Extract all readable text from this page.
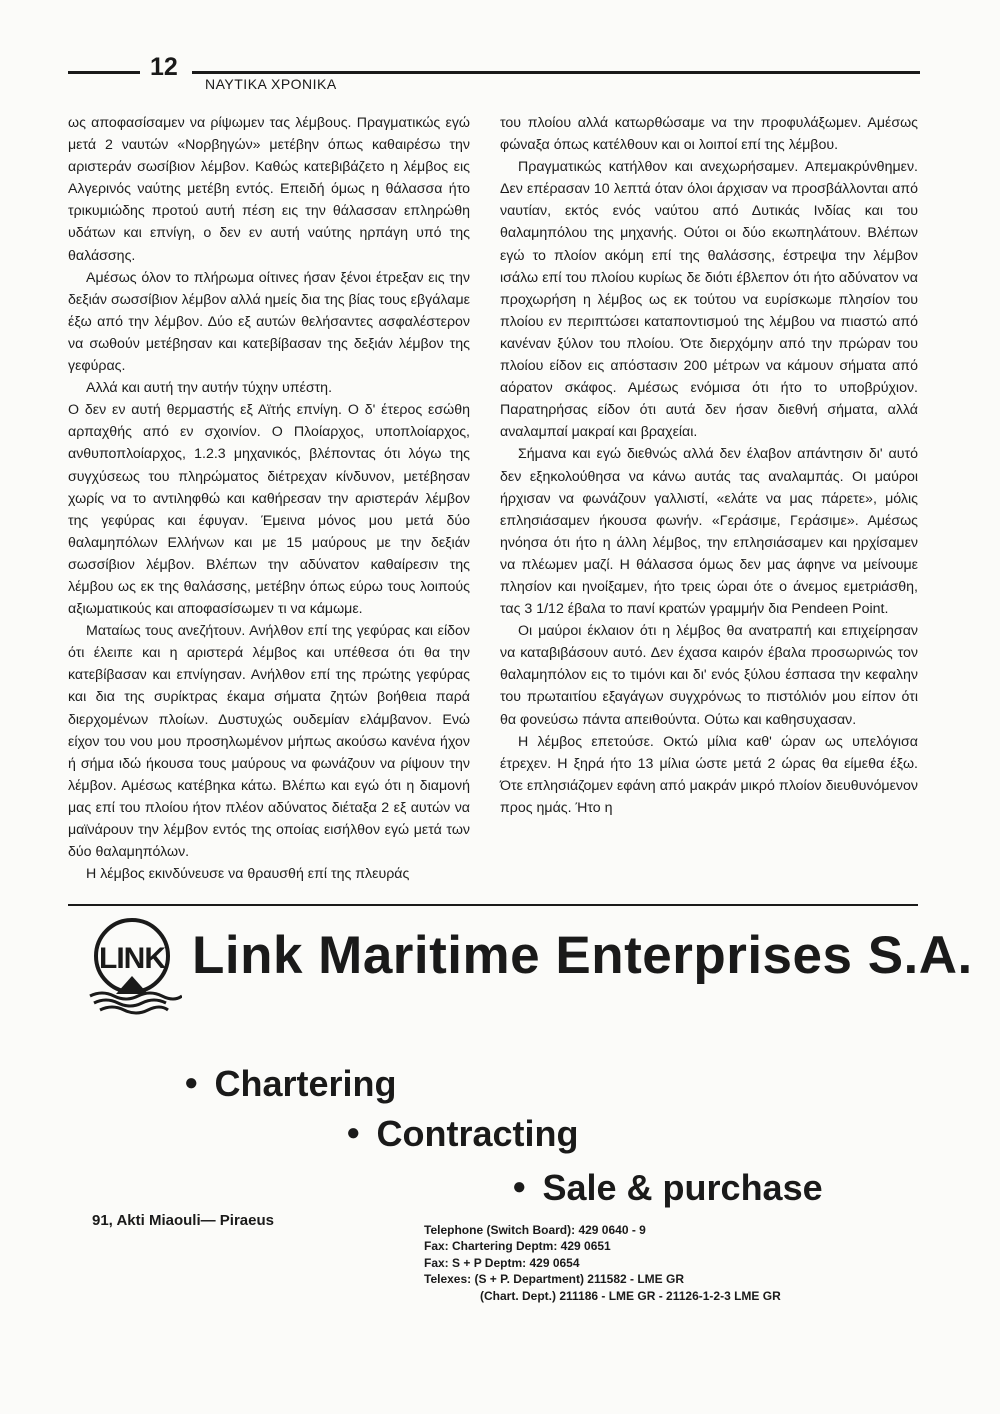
12
ΝΑΥΤΙΚΑ ΧΡΟΝΙΚΑ

ως αποφασίσαμεν να ρίψωμεν τας λέμβους. Πραγματικώς εγώ μετά 2 ναυτών «Νορβηγών» μετέβην όπως καθαιρέσω την αριστεράν σωσίβιον λέμβον. Καθώς κατεβιβάζετο η λέμβος εις Αλγερινός ναύτης μετέβη εντός. Επειδή όμως η θάλασσα ήτο τρικυμιώδης προτού αυτή πέση εις την θάλασσαν επληρώθη υδάτων και επνίγη, ο δεν εν αυτή ναύτης ηρπάγη υπό της θαλάσσης.

Αμέσως όλον το πλήρωμα οίτινες ήσαν ξένοι έτρεξαν εις την δεξιάν σωσσίβιον λέμβον αλλά ημείς δια της βίας τους εβγάλαμε έξω από την λέμβον. Δύο εξ αυτών θελήσαντες ασφαλέστερον να σωθούν μετέβησαν και κατεβίβασαν της δεξιάν λέμβον της γεφύρας.

Αλλά και αυτή την αυτήν τύχην υπέστη.

Ο δεν εν αυτή θερμαστής εξ Αϊτής επνίγη. Ο δ' έτερος εσώθη αρπαχθής από εν σχοινίον. Ο Πλοίαρχος, υποπλοίαρχος, ανθυποπλοίαρχος, 1.2.3 μηχανικός, βλέποντας ότι λόγω της συγχύσεως του πληρώματος διέτρεχαν κίνδυνον, μετέβησαν χωρίς να το αντιληφθώ και καθήρεσαν την αριστεράν λέμβον της γεφύρας και έφυγαν. Έμεινα μόνος μου μετά δύο θαλαμηπόλων Ελλήνων και με 15 μαύρους με την δεξιάν σωσσίβιον λέμβον. Βλέπων την αδύνατον καθαίρεσιν της λέμβου ως εκ της θαλάσσης, μετέβην όπως εύρω τους λοιπούς αξιωματικούς και αποφασίσωμεν τι να κάμωμε.

Ματαίως τους ανεζήτουν. Ανήλθον επί της γεφύρας και είδον ότι έλειπε και η αριστερά λέμβος και υπέθεσα ότι θα την κατεβίβασαν και επνίγησαν. Ανήλθον επί της πρώτης γεφύρας και δια της συρίκτρας έκαμα σήματα ζητών βοήθεια παρά διερχομένων πλοίων. Δυστυχώς ουδεμίαν ελάμβανον. Ενώ είχον του νου μου προσηλωμένον μήπως ακούσω κανένα ήχον ή σήμα ιδώ ήκουσα τους μαύρους να φωνάζουν να ρίψουν την λέμβον. Αμέσως κατέβηκα κάτω. Βλέπω και εγώ ότι η διαμονή μας επί του πλοίου ήτον πλέον αδύνατος διέταξα 2 εξ αυτών να μαϊνάρουν την λέμβον εντός της οποίας εισήλθον εγώ μετά των δύο θαλαμηπόλων.

Η λέμβος εκινδύνευσε να θραυσθή επί της πλευράς

του πλοίου αλλά κατωρθώσαμε να την προφυλάξωμεν. Αμέσως φώναξα όπως κατέλθουν και οι λοιποί επί της λέμβου.

Πραγματικώς κατήλθον και ανεχωρήσαμεν. Απεμακρύνθημεν. Δεν επέρασαν 10 λεπτά όταν όλοι άρχισαν να προσβάλλονται από ναυτίαν, εκτός ενός ναύτου από Δυτικάς Ινδίας και του θαλαμηπόλου της μηχανής. Ούτοι οι δύο εκωπηλάτουν. Βλέπων εγώ το πλοίον ακόμη επί της θαλάσσης, έστρεψα την λέμβον ισάλω επί του πλοίου κυρίως δε διότι έβλεπον ότι ήτο αδύνατον να προχωρήση η λέμβος ως εκ τούτου να ευρίσκωμε πλησίον του πλοίου εν περιπτώσει καταποντισμού της λέμβου να πιαστώ από κανέναν ξύλον του πλοίου. Ότε διερχόμην από την πρώραν του πλοίου είδον εις απόστασιν 200 μέτρων να κάμουν σήματα από αόρατον σκάφος. Αμέσως ενόμισα ότι ήτο το υποβρύχιον. Παρατηρήσας είδον ότι αυτά δεν ήσαν διεθνή σήματα, αλλά αναλαμπαί μακραί και βραχείαι.

Σήμανα και εγώ διεθνώς αλλά δεν έλαβον απάντησιν δι' αυτό δεν εξηκολούθησα να κάνω αυτάς τας αναλαμπάς. Οι μαύροι ήρχισαν να φωνάζουν γαλλιστί, «ελάτε να μας πάρετε», μόλις επλησιάσαμεν ήκουσα φωνήν. «Γεράσιμε, Γεράσιμε». Αμέσως ηνόησα ότι ήτο η άλλη λέμβος, την επλησιάσαμεν και ηρχίσαμεν να πλέωμεν μαζί. Η θάλασσα όμως δεν μας άφηνε να μείνουμε πλησίον και ηνοίξαμεν, ήτο τρεις ώραι ότε ο άνεμος εμετριάσθη, τας 3 1/12 έβαλα το πανί κρατών γραμμήν δια Pendeen Point.

Οι μαύροι έκλαιον ότι η λέμβος θα ανατραπή και επιχείρησαν να καταβιβάσουν αυτό. Δεν έχασα καιρόν έβαλα προσωρινώς τον θαλαμηπόλον εις το τιμόνι και δι' ενός ξύλου έσπασα την κεφαλην του πρωταιτίου εξαγάγων συγχρόνως το πιστόλιόν μου είπον ότι θα φονεύσω πάντα απειθούντα. Ούτω και καθησυχασαν.

Η λέμβος επετούσε. Οκτώ μίλια καθ' ώραν ως υπελόγισα έτρεχεν. Η ξηρά ήτο 13 μίλια ώστε μετά 2 ώρας θα είμεθα έξω. Ότε επλησιάζομεν εφάνη από μακράν μικρό πλοίον διευθυνόμενον προς ημάς. Ήτο η

LINK Link Maritime Enterprises S.A.
● Chartering
● Contracting
● Sale & purchase
91, Akti Miaouli— Piraeus
Telephone (Switch Board): 429 0640 - 9
Fax: Chartering Deptm: 429 0651
Fax: S + P Deptm: 429 0654
Telexes: (S + P. Department) 211582 - LME GR
(Chart. Dept.) 211186 - LME GR - 21126-1-2-3 LME GR
